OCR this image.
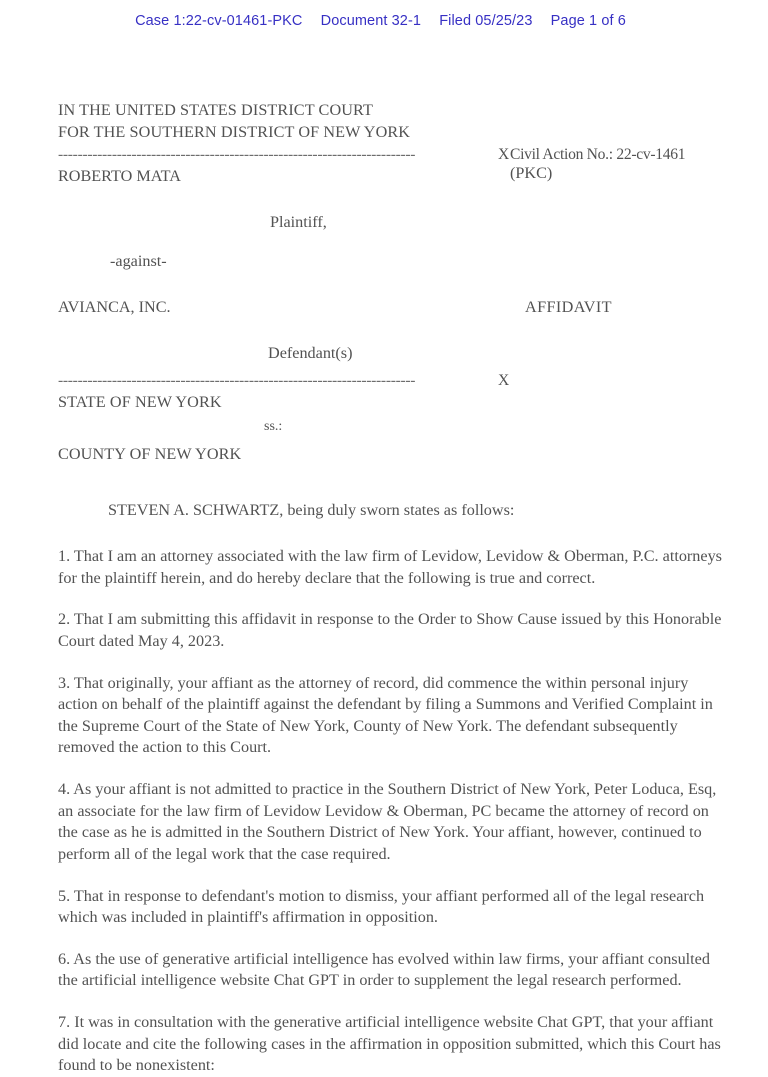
Case 1:22-cv-01461-PKC Document 32-1 Filed 05/25/23 Page 1 of 6
IN THE UNITED STATES DISTRICT COURT
FOR THE SOUTHERN DISTRICT OF NEW YORK
-------------------------------------------------------------------------	X Civil Action No.: 22-cv-1461
ROBERTO MATA	(PKC)
Plaintiff,
-against-
AVIANCA, INC.	AFFIDAVIT
Defendant(s)
-------------------------------------------------------------------------	X
STATE OF NEW YORK
ss.:
COUNTY OF NEW YORK
STEVEN A. SCHWARTZ, being duly sworn states as follows:

1. That I am an attorney associated with the law firm of Levidow, Levidow & Oberman, P.C. attorneys for the plaintiff herein, and do hereby declare that the following is true and correct.

2. That I am submitting this affidavit in response to the Order to Show Cause issued by this Honorable Court dated May 4, 2023.

3. That originally, your affiant as the attorney of record, did commence the within personal injury action on behalf of the plaintiff against the defendant by filing a Summons and Verified Complaint in the Supreme Court of the State of New York, County of New York. The defendant subsequently removed the action to this Court.

4. As your affiant is not admitted to practice in the Southern District of New York, Peter Loduca, Esq, an associate for the law firm of Levidow Levidow & Oberman, PC became the attorney of record on the case as he is admitted in the Southern District of New York. Your affiant, however, continued to perform all of the legal work that the case required.

5. That in response to defendant's motion to dismiss, your affiant performed all of the legal research which was included in plaintiff's affirmation in opposition.

6. As the use of generative artificial intelligence has evolved within law firms, your affiant consulted the artificial intelligence website Chat GPT in order to supplement the legal research performed.

7. It was in consultation with the generative artificial intelligence website Chat GPT, that your affiant did locate and cite the following cases in the affirmation in opposition submitted, which this Court has found to be nonexistent:
